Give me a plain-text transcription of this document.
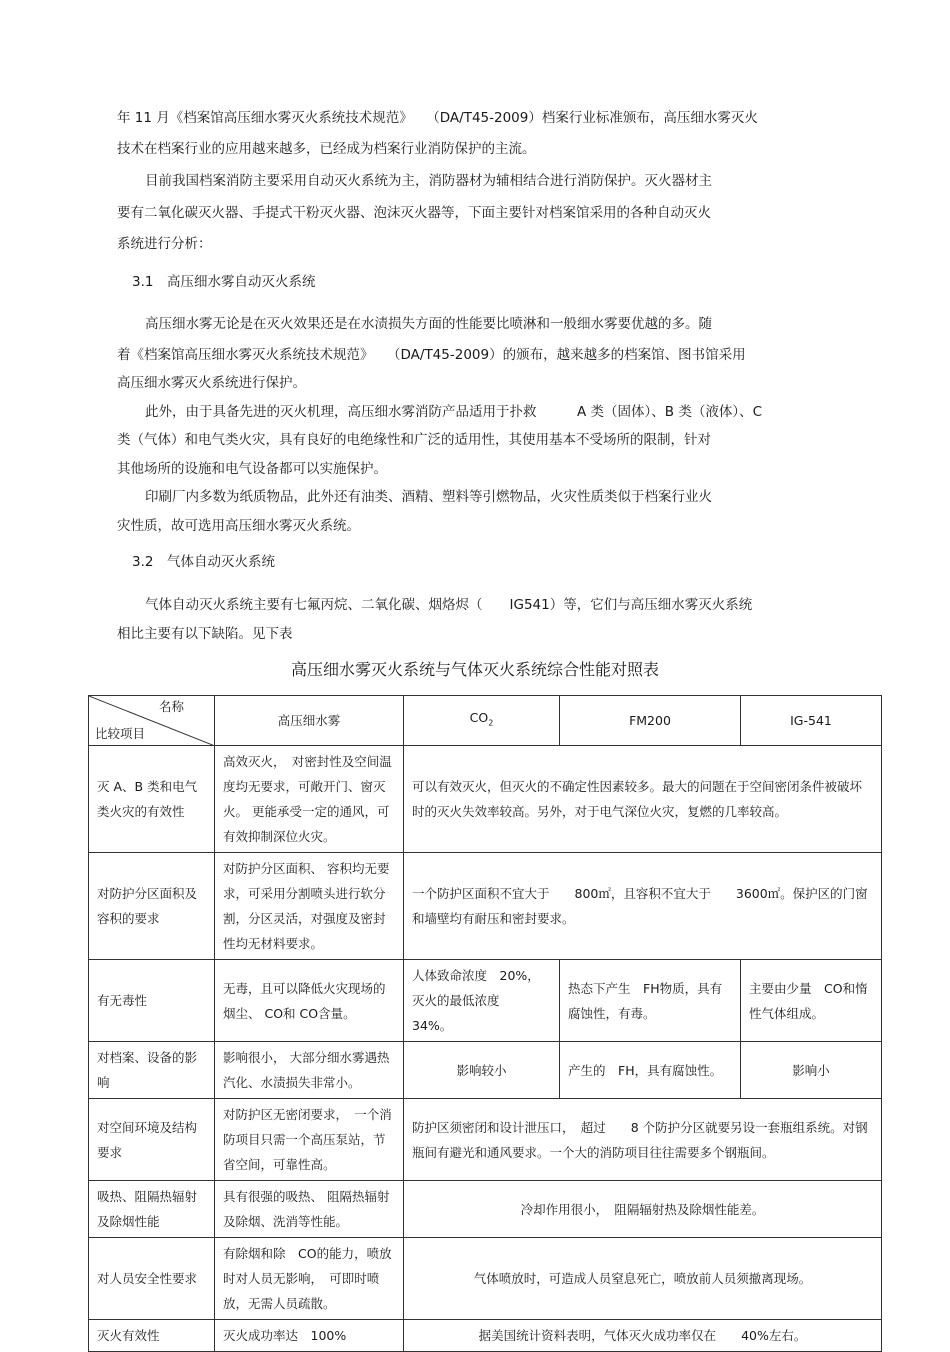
年 11 月《档案馆高压细水雾灭火系统技术规范》　　（DA/T45-2009）档案行业标准颁布，高压细水雾灭火
技术在档案行业的应用越来越多，已经成为档案行业消防保护的主流。
目前我国档案消防主要采用自动灭火系统为主，消防器材为辅相结合进行消防保护。灭火器材主
要有二氧化碳灭火器、手提式干粉灭火器、泡沫灭火器等，下面主要针对档案馆采用的各种自动灭火
系统进行分析：
3.1　高压细水雾自动灭火系统
高压细水雾无论是在灭火效果还是在水渍损失方面的性能要比喷淋和一般细水雾要优越的多。随
着《档案馆高压细水雾灭火系统技术规范》　　（DA/T45-2009）的颁布，越来越多的档案馆、图书馆采用
高压细水雾灭火系统进行保护。
此外，由于具备先进的灭火机理，高压细水雾消防产品适用于扑救　　　A 类（固体）、B 类（液体）、C
类（气体）和电气类火灾，具有良好的电绝缘性和广泛的适用性，其使用基本不受场所的限制，针对
其他场所的设施和电气设备都可以实施保护。
印刷厂内多数为纸质物品，此外还有油类、酒精、塑料等引燃物品，火灾性质类似于档案行业火
灾性质，故可选用高压细水雾灭火系统。
3.2　气体自动灭火系统
气体自动灭火系统主要有七氟丙烷、二氧化碳、烟烙烬（　　IG541）等，它们与高压细水雾灭火系统
相比主要有以下缺陷。见下表
高压细水雾灭火系统与气体灭火系统综合性能对照表
名称
比较项目	高压细水雾	$CO_2$	FM200	IG-541
灭 A、B 类和电气类火灾的有效性	高效灭火，　对密封性及空间温度均无要求，可敞开门、窗灭火。 更能承受一定的通风，可有效抑制深位火灾。	可以有效灭火，但灭火的不确定性因素较多。最大的问题在于空间密闭条件被破坏时的灭火失效率较高。另外，对于电气深位火灾，复燃的几率较高。		
对防护分区面积及容积的要求	对防护分区面积、 容积均无要求，可采用分割喷头进行软分割，分区灵活，对强度及密封性均无材料要求。	一个防护区面积不宜大于　　800㎡，且容积不宜大于　　3600㎡。保护区的门窗和墙壁均有耐压和密封要求。		
有无毒性	无毒，且可以降低火灾现场的烟尘、 CO和 CO含量。	人体致命浓度　20%，灭火的最低浓度　34%。	热态下产生　FH物质，具有腐蚀性，有毒。	主要由少量　CO和惰性气体组成。
对档案、设备的影响	影响很小， 大部分细水雾遇热汽化、水渍损失非常小。	影响较小	产生的　FH，具有腐蚀性。	影响小
对空间环境及结构要求	对防护区无密闭要求，　一个消防项目只需一个高压泵站，节省空间，可靠性高。	防护区须密闭和设计泄压口，　超过　　8 个防护分区就要另设一套瓶组系统。对钢瓶间有避光和通风要求。一个大的消防项目往往需要多个钢瓶间。		
吸热、阻隔热辐射及除烟性能	具有很强的吸热、 阻隔热辐射及除烟、洗消等性能。	冷却作用很小，　阻隔辐射热及除烟性能差。		
对人员安全性要求	有除烟和除　CO的能力，喷放时对人员无影响，　可即时喷放，无需人员疏散。	气体喷放时，可造成人员窒息死亡，喷放前人员须撤离现场。		
灭火有效性	灭火成功率达　100%	据美国统计资料表明，气体灭火成功率仅在　　40%左右。		
